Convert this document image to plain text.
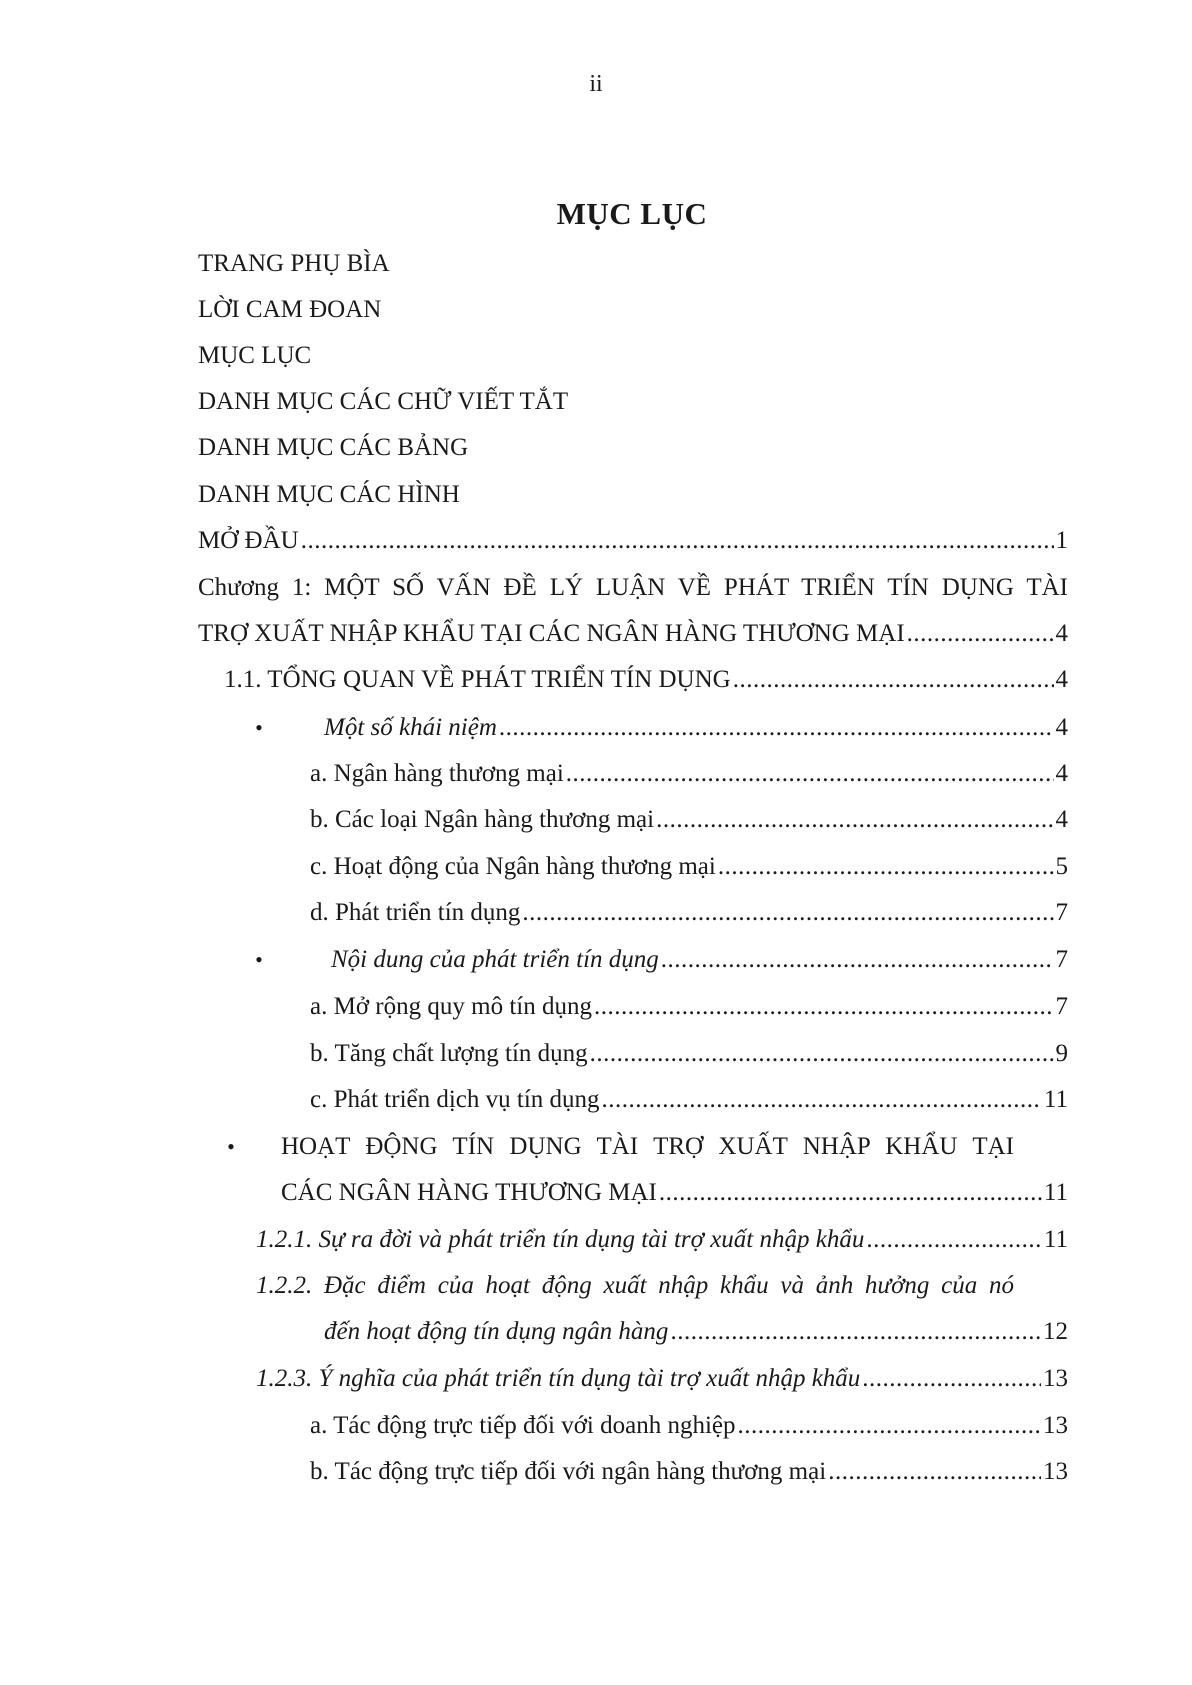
ii
MỤC LỤC
TRANG PHỤ BÌA
LỜI CAM ĐOAN
MỤC LỤC
DANH MỤC CÁC CHỮ VIẾT TẮT
DANH MỤC CÁC BẢNG
DANH MỤC CÁC HÌNH
MỞ ĐẦU .....	1
Chương 1: MỘT SỐ VẤN ĐỀ LÝ LUẬN VỀ PHÁT TRIỂN TÍN DỤNG TÀI
TRỢ XUẤT NHẬP KHẨU TẠI CÁC NGÂN HÀNG THƯƠNG MẠI .....	4
1.1. TỔNG QUAN VỀ PHÁT TRIỂN TÍN DỤNG .....	4
• Một số khái niệm .....	4
a. Ngân hàng thương mại .....	4
b. Các loại Ngân hàng thương mại .....	4
c. Hoạt động của Ngân hàng thương mại .....	5
d. Phát triển tín dụng .....	7
•	Nội dung của phát triển tín dụng .....	7
a. Mở rộng quy mô tín dụng .....	7
b. Tăng chất lượng tín dụng .....	9
c. Phát triển dịch vụ tín dụng .....	11
• HOẠT ĐỘNG TÍN DỤNG TÀI TRỢ XUẤT NHẬP KHẨU TẠI
CÁC NGÂN HÀNG THƯƠNG MẠI .....	11
1.2.1. Sự ra đời và phát triển tín dụng tài trợ xuất nhập khẩu .....	11
1.2.2. Đặc điểm của hoạt động xuất nhập khẩu và ảnh hưởng của nó
đến hoạt động tín dụng ngân hàng .....	12
1.2.3. Ý nghĩa của phát triển tín dụng tài trợ xuất nhập khẩu .....	13
a. Tác động trực tiếp đối với doanh nghiệp .....	13
b. Tác động trực tiếp đối với ngân hàng thương mại .....	13
